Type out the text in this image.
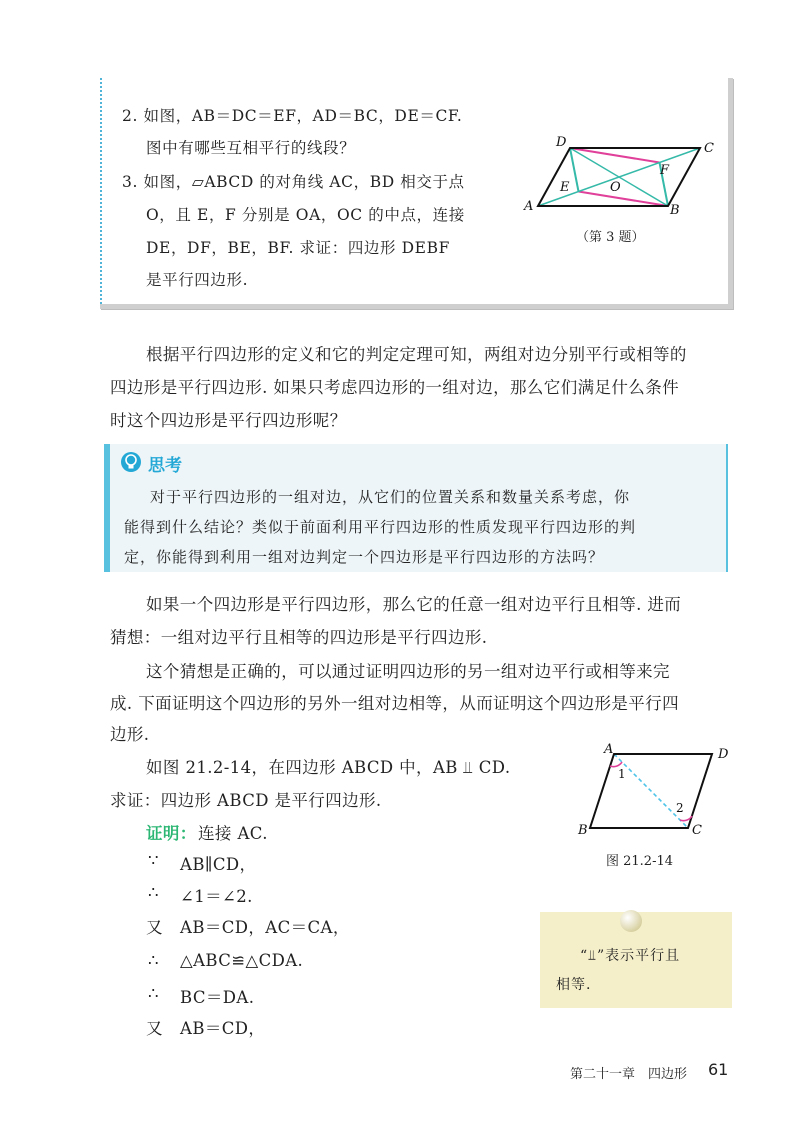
2. 如图，AB＝DC＝EF，AD＝BC，DE＝CF.
图中有哪些互相平行的线段？
3. 如图，▱ABCD 的对角线 AC，BD 相交于点
O，且 E，F 分别是 OA，OC 的中点，连接
DE，DF，BE，BF. 求证：四边形 DEBF
是平行四边形.
D	C
A	B
E
F
O
（第 3 题）
根据平行四边形的定义和它的判定定理可知，两组对边分别平行或相等的
四边形是平行四边形. 如果只考虑四边形的一组对边，那么它们满足什么条件
时这个四边形是平行四边形呢？
思考
对于平行四边形的一组对边，从它们的位置关系和数量关系考虑，你
能得到什么结论？类似于前面利用平行四边形的性质发现平行四边形的判
定，你能得到利用一组对边判定一个四边形是平行四边形的方法吗？
如果一个四边形是平行四边形，那么它的任意一组对边平行且相等. 进而
猜想：一组对边平行且相等的四边形是平行四边形.
这个猜想是正确的，可以通过证明四边形的另一组对边平行或相等来完
成. 下面证明这个四边形的另外一组对边相等，从而证明这个四边形是平行四
边形.
如图 21.2-14，在四边形 ABCD 中，AB ⫫ CD.
求证：四边形 ABCD 是平行四边形.
证明： 连接 AC.
∵ AB∥CD，
∴ ∠1＝∠2.
又 AB＝CD，AC＝CA，
∴ △ABC≌△CDA.
∴ BC＝DA.
又 AB＝CD，
A	D
B	C
1
2
图 21.2-14
“⫫”表示平行且
相等.
第二十一章　四边形 61
